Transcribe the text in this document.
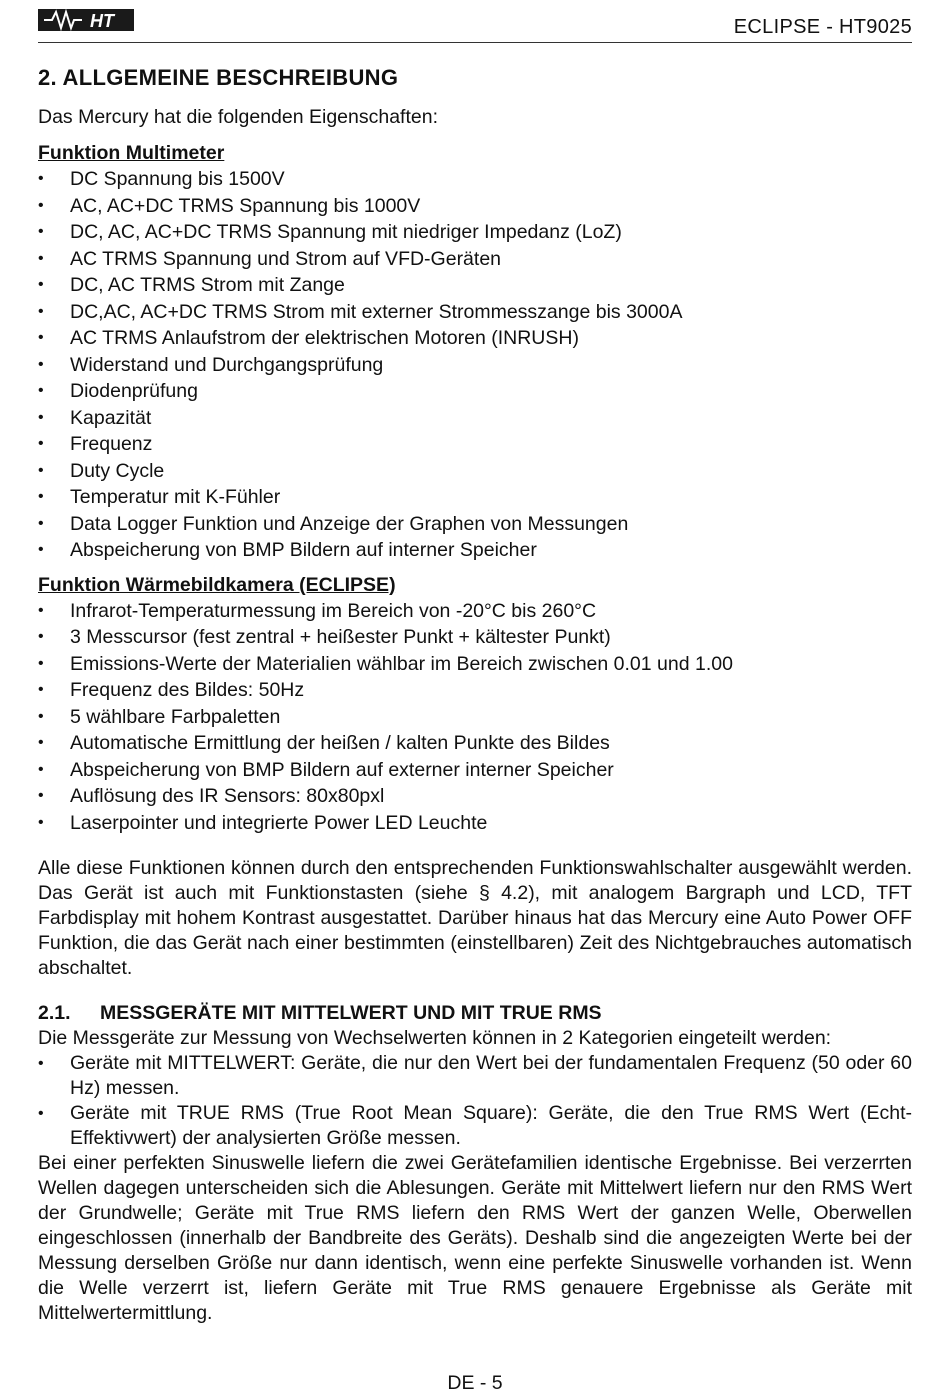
HT	ECLIPSE - HT9025
2. ALLGEMEINE BESCHREIBUNG

Das Mercury hat die folgenden Eigenschaften:

Funktion Multimeter
• DC Spannung bis 1500V
• AC, AC+DC TRMS Spannung bis 1000V
• DC, AC, AC+DC TRMS Spannung mit niedriger Impedanz (LoZ)
• AC TRMS Spannung und Strom auf VFD-Geräten
• DC, AC TRMS Strom mit Zange
• DC,AC, AC+DC TRMS Strom mit externer Strommesszange bis 3000A
• AC TRMS Anlaufstrom der elektrischen Motoren (INRUSH)
• Widerstand und Durchgangsprüfung
• Diodenprüfung
• Kapazität
• Frequenz
• Duty Cycle
• Temperatur mit K-Fühler
• Data Logger Funktion und Anzeige der Graphen von Messungen
• Abspeicherung von BMP Bildern auf interner Speicher
Funktion Wärmebildkamera (ECLIPSE)
• Infrarot-Temperaturmessung im Bereich von -20°C bis 260°C
• 3 Messcursor (fest zentral + heißester Punkt + kältester Punkt)
• Emissions-Werte der Materialien wählbar im Bereich zwischen 0.01 und 1.00
• Frequenz des Bildes: 50Hz
• 5 wählbare Farbpaletten
• Automatische Ermittlung der heißen / kalten Punkte des Bildes
• Abspeicherung von BMP Bildern auf externer interner Speicher
• Auflösung des IR Sensors: 80x80pxl
• Laserpointer und integrierte Power LED Leuchte

Alle diese Funktionen können durch den entsprechenden Funktionswahlschalter ausgewählt werden. Das Gerät ist auch mit Funktionstasten (siehe § 4.2), mit analogem Bargraph und LCD, TFT Farbdisplay mit hohem Kontrast ausgestattet. Darüber hinaus hat das Mercury eine Auto Power OFF Funktion, die das Gerät nach einer bestimmten (einstellbaren) Zeit des Nichtgebrauches automatisch abschaltet.

2.1. MESSGERÄTE MIT MITTELWERT UND MIT TRUE RMS

Die Messgeräte zur Messung von Wechselwerten können in 2 Kategorien eingeteilt werden:

• Geräte mit MITTELWERT: Geräte, die nur den Wert bei der fundamentalen Frequenz (50 oder 60 Hz) messen.
• Geräte mit TRUE RMS (True Root Mean Square): Geräte, die den True RMS Wert (Echt-Effektivwert) der analysierten Größe messen.

Bei einer perfekten Sinuswelle liefern die zwei Gerätefamilien identische Ergebnisse. Bei verzerrten Wellen dagegen unterscheiden sich die Ablesungen. Geräte mit Mittelwert liefern nur den RMS Wert der Grundwelle; Geräte mit True RMS liefern den RMS Wert der ganzen Welle, Oberwellen eingeschlossen (innerhalb der Bandbreite des Geräts). Deshalb sind die angezeigten Werte bei der Messung derselben Größe nur dann identisch, wenn eine perfekte Sinuswelle vorhanden ist. Wenn die Welle verzerrt ist, liefern Geräte mit True RMS genauere Ergebnisse als Geräte mit Mittelwertermittlung.

DE - 5
